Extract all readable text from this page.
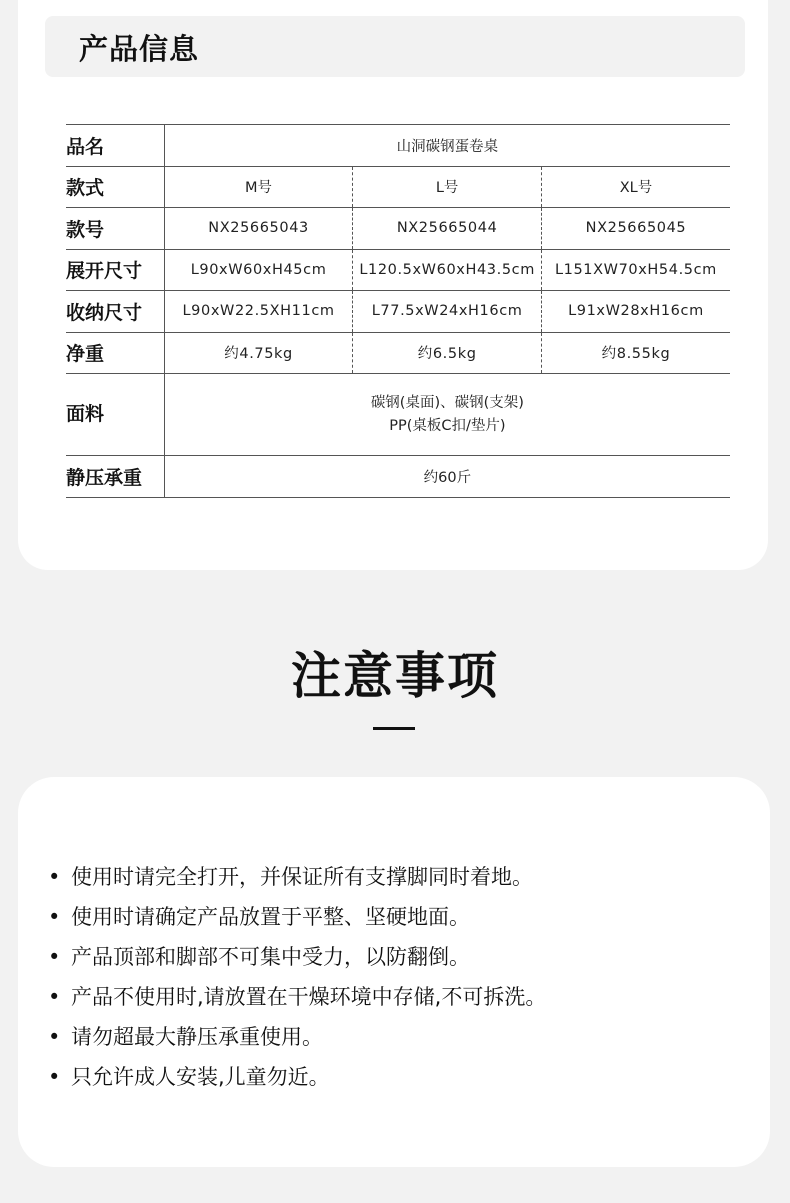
产品信息
品名	山洞碳钢蛋卷桌		
款式	M号	L号	XL号
款号	NX25665043	NX25665044	NX25665045
展开尺寸	L90xW60xH45cm	L120.5xW60xH43.5cm	L151XW70xH54.5cm
收纳尺寸	L90xW22.5XH11cm	L77.5xW24xH16cm	L91xW28xH16cm
净重	约4.75kg	约6.5kg	约8.55kg
面料	碳钢(桌面)、碳钢(支架)
PP(桌板C扣/垫片)		

静压承重	约60斤		
注意事项
• 使用时请完全打开，并保证所有支撑脚同时着地。
• 使用时请确定产品放置于平整、坚硬地面。
• 产品顶部和脚部不可集中受力，以防翻倒。
• 产品不使用时,请放置在干燥环境中存储,不可拆洗。
• 请勿超最大静压承重使用。
• 只允许成人安装,儿童勿近。
